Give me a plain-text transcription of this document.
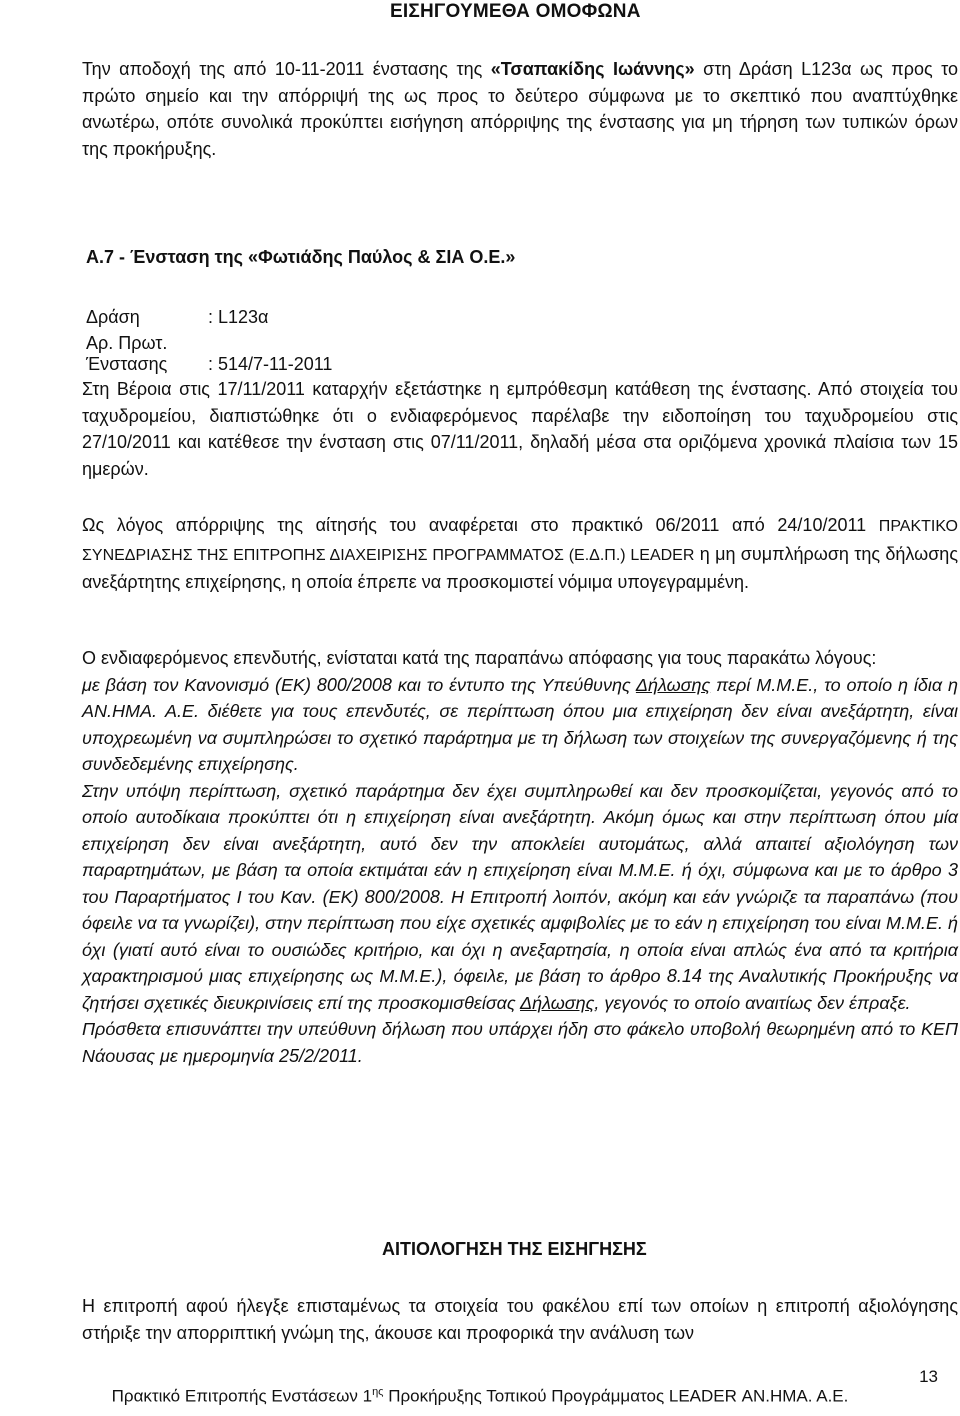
ΕΙΣΗΓΟΥΜΕΘΑ ΟΜΟΦΩΝΑ
Την αποδοχή της από 10-11-2011 ένστασης της «Τσαπακίδης Ιωάννης» στη Δράση L123α ως προς το πρώτο σημείο και την απόρριψή της ως προς το δεύτερο σύμφωνα με το σκεπτικό που αναπτύχθηκε ανωτέρω, οπότε συνολικά προκύπτει εισήγηση απόρριψης της ένστασης για μη τήρηση των τυπικών όρων της προκήρυξης.
Α.7 - Ένσταση της «Φωτιάδης Παύλος & ΣΙΑ Ο.Ε.»
Δράση	: L123α
Αρ. Πρωτ. Ένστασης : 514/7-11-2011
Στη Βέροια στις 17/11/2011 καταρχήν εξετάστηκε η εμπρόθεσμη κατάθεση της ένστασης. Από στοιχεία του ταχυδρομείου, διαπιστώθηκε ότι ο ενδιαφερόμενος παρέλαβε την ειδοποίηση του ταχυδρομείου στις 27/10/2011 και κατέθεσε την ένσταση στις 07/11/2011, δηλαδή μέσα στα οριζόμενα χρονικά πλαίσια των 15 ημερών.
Ως λόγος απόρριψης της αίτησής του αναφέρεται στο πρακτικό 06/2011 από 24/10/2011 ΠΡΑΚΤΙΚΟ ΣΥΝΕΔΡΙΑΣΗΣ ΤΗΣ ΕΠΙΤΡΟΠΗΣ ΔΙΑΧΕΙΡΙΣΗΣ ΠΡΟΓΡΑΜΜΑΤΟΣ (Ε.Δ.Π.) LEADER η μη συμπλήρωση της δήλωσης ανεξάρτητης επιχείρησης, η οποία έπρεπε να προσκομιστεί νόμιμα υπογεγραμμένη.
Ο ενδιαφερόμενος επενδυτής, ενίσταται κατά της παραπάνω απόφασης για τους παρακάτω λόγους:
με βάση τον Κανονισμό (ΕΚ) 800/2008 και το έντυπο της Υπεύθυνης Δήλωσης περί Μ.Μ.Ε., το οποίο η ίδια η ΑΝ.ΗΜΑ. Α.Ε. διέθετε για τους επενδυτές, σε περίπτωση όπου μια επιχείρηση δεν είναι ανεξάρτητη, είναι υποχρεωμένη να συμπληρώσει το σχετικό παράρτημα με τη δήλωση των στοιχείων της συνεργαζόμενης ή της συνδεδεμένης επιχείρησης.
Στην υπόψη περίπτωση, σχετικό παράρτημα δεν έχει συμπληρωθεί και δεν προσκομίζεται, γεγονός από το οποίο αυτοδίκαια προκύπτει ότι η επιχείρηση είναι ανεξάρτητη. Ακόμη όμως και στην περίπτωση όπου μία επιχείρηση δεν είναι ανεξάρτητη, αυτό δεν την αποκλείει αυτομάτως, αλλά απαιτεί αξιολόγηση των παραρτημάτων, με βάση τα οποία εκτιμάται εάν η επιχείρηση είναι Μ.Μ.Ε. ή όχι, σύμφωνα και με το άρθρο 3 του Παραρτήματος Ι του Καν. (ΕΚ) 800/2008. Η Επιτροπή λοιπόν, ακόμη και εάν γνώριζε τα παραπάνω (που όφειλε να τα γνωρίζει), στην περίπτωση που είχε σχετικές αμφιβολίες με το εάν η επιχείρηση του είναι Μ.Μ.Ε. ή όχι (γιατί αυτό είναι το ουσιώδες κριτήριο, και όχι η ανεξαρτησία, η οποία είναι απλώς ένα από τα κριτήρια χαρακτηρισμού μιας επιχείρησης ως Μ.Μ.Ε.), όφειλε, με βάση το άρθρο 8.14 της Αναλυτικής Προκήρυξης να ζητήσει σχετικές διευκρινίσεις επί της προσκομισθείσας Δήλωσης, γεγονός το οποίο αναιτίως δεν έπραξε.
Πρόσθετα επισυνάπτει την υπεύθυνη δήλωση που υπάρχει ήδη στο φάκελο υποβολή θεωρημένη από το ΚΕΠ Νάουσας με ημερομηνία 25/2/2011.
ΑΙΤΙΟΛΟΓΗΣΗ ΤΗΣ ΕΙΣΗΓΗΣΗΣ
Η επιτροπή αφού ήλεγξε επισταμένως τα στοιχεία του φακέλου επί των οποίων η επιτροπή αξιολόγησης στήριξε την απορριπτική γνώμη της, άκουσε και προφορικά την ανάλυση των
13
Πρακτικό Επιτροπής Ενστάσεων $1^{\eta\varsigma}$ Προκήρυξης Τοπικού Προγράμματος LEADER ΑΝ.ΗΜΑ. Α.Ε.
